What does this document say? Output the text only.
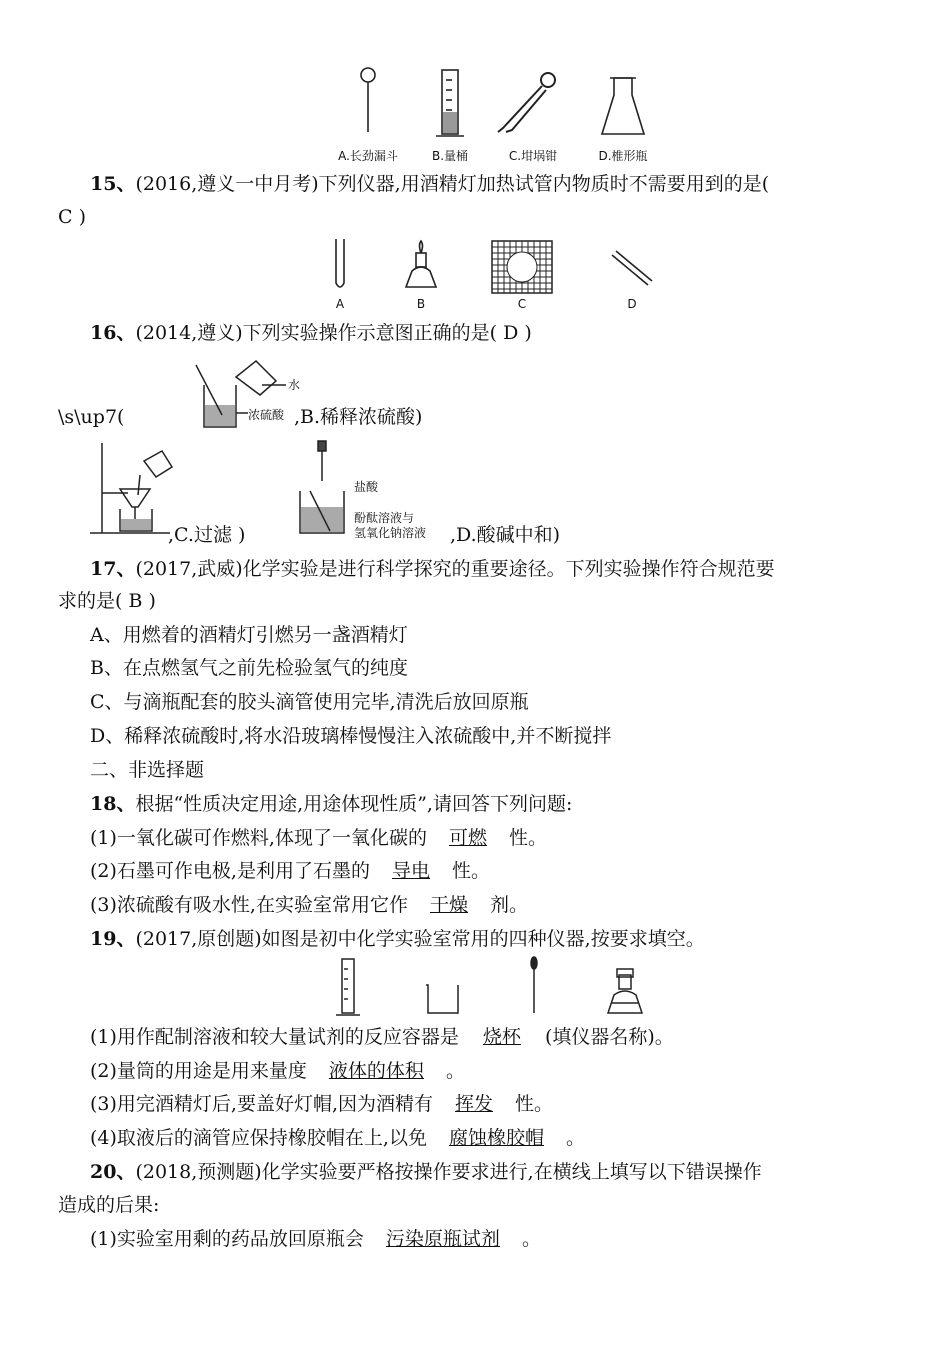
A.长劲漏斗	B.量桶	C.坩埚钳	D.椎形瓶
15、(2016,遵义一中月考)下列仪器,用酒精灯加热试管内物质时不需要用到的是(
C )
A	B	C	D
16、(2014,遵义)下列实验操作示意图正确的是( D )
水
浓硫酸
\s\up7(	,B.稀释浓硫酸)
盐酸
酚酞溶液与
氢氧化钠溶液
,C.过滤 )	,D.酸碱中和)
17、(2017,武威)化学实验是进行科学探究的重要途径。下列实验操作符合规范要
求的是( B )
A、用燃着的酒精灯引燃另一盏酒精灯
B、在点燃氢气之前先检验氢气的纯度
C、与滴瓶配套的胶头滴管使用完毕,清洗后放回原瓶
D、稀释浓硫酸时,将水沿玻璃棒慢慢注入浓硫酸中,并不断搅拌
二、非选择题
18、根据“性质决定用途,用途体现性质”,请回答下列问题:
(1)一氧化碳可作燃料,体现了一氧化碳的 可燃 性。
(2)石墨可作电极,是利用了石墨的 导电 性。
(3)浓硫酸有吸水性,在实验室常用它作 干燥 剂。
19、(2017,原创题)如图是初中化学实验室常用的四种仪器,按要求填空。
(1)用作配制溶液和较大量试剂的反应容器是 烧杯 (填仪器名称)。
(2)量筒的用途是用来量度 液体的体积 。
(3)用完酒精灯后,要盖好灯帽,因为酒精有 挥发 性。
(4)取液后的滴管应保持橡胶帽在上,以免 腐蚀橡胶帽 。
20、(2018,预测题)化学实验要严格按操作要求进行,在横线上填写以下错误操作
造成的后果:
(1)实验室用剩的药品放回原瓶会 污染原瓶试剂 。
